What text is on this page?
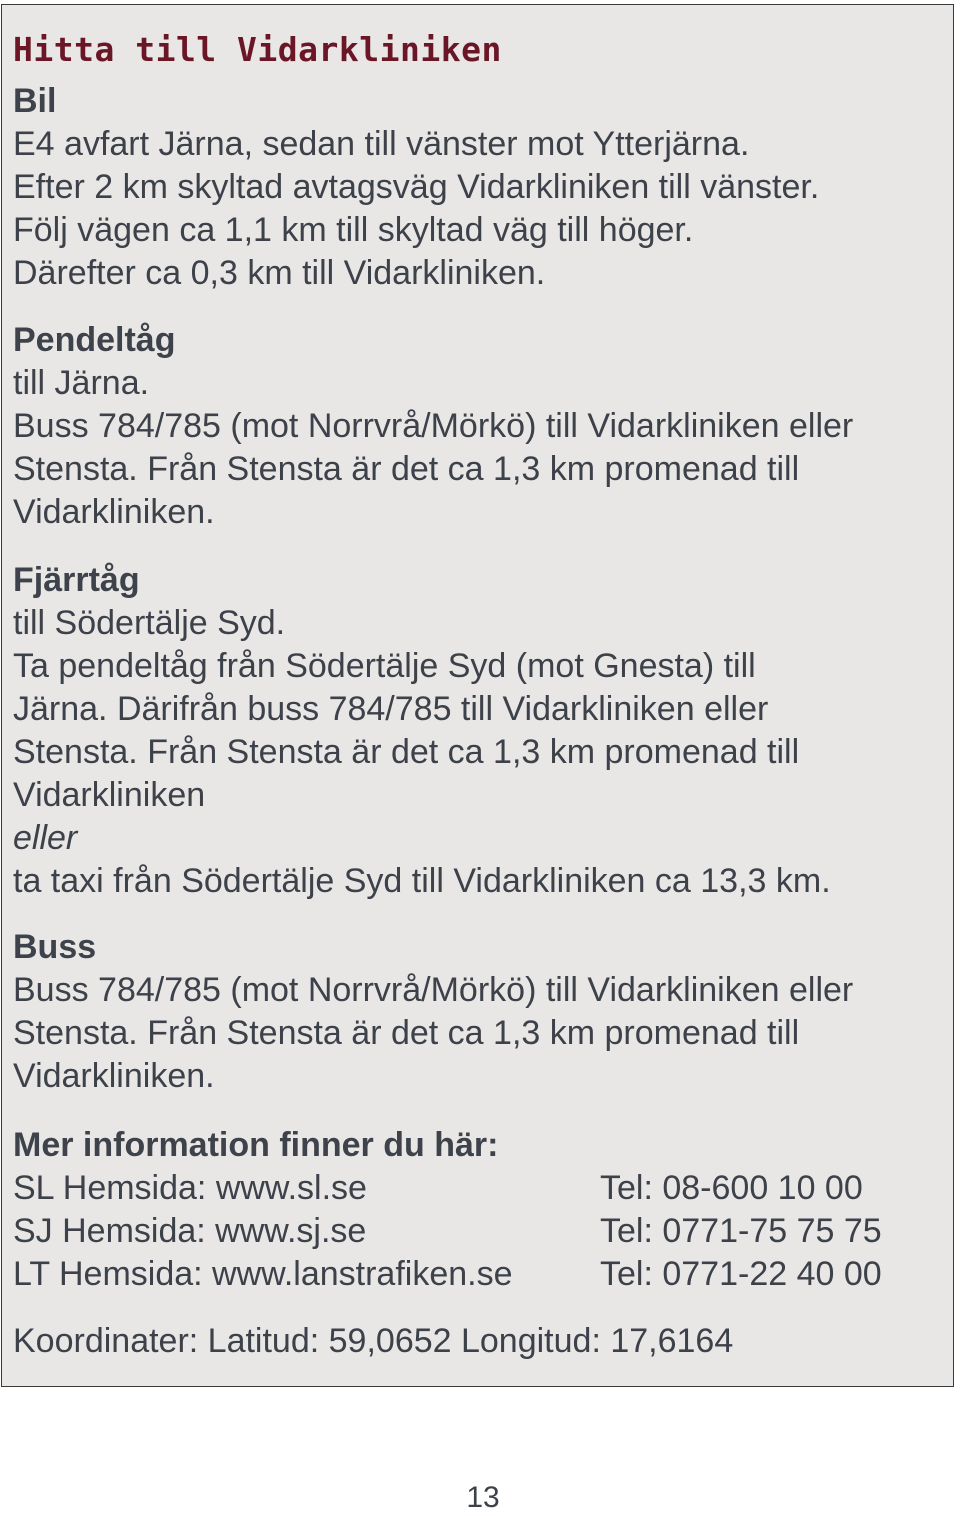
Hitta till Vidarkliniken
Bil

E4 avfart Järna, sedan till vänster mot Ytterjärna.

Efter 2 km skyltad avtagsväg Vidarkliniken till vänster.

Följ vägen ca 1,1 km till skyltad väg till höger.

Därefter ca 0,3 km till Vidarkliniken.

Pendeltåg

till Järna.

Buss 784/785 (mot Norrvrå/Mörkö) till Vidarkliniken eller

Stensta. Från Stensta är det ca 1,3 km promenad till

Vidarkliniken.

Fjärrtåg

till Södertälje Syd.

Ta pendeltåg från Södertälje Syd (mot Gnesta) till

Järna. Därifrån buss 784/785 till Vidarkliniken eller

Stensta. Från Stensta är det ca 1,3 km promenad till

Vidarkliniken

eller

ta taxi från Södertälje Syd till Vidarkliniken ca 13,3 km.

Buss

Buss 784/785 (mot Norrvrå/Mörkö) till Vidarkliniken eller

Stensta. Från Stensta är det ca 1,3 km promenad till

Vidarkliniken.

Mer information finner du här:
SL Hemsida: www.sl.se	Tel: 08-600 10 00
SJ Hemsida: www.sj.se	Tel: 0771-75 75 75
LT Hemsida: www.lanstrafiken.se	Tel: 0771-22 40 00
Koordinater: Latitud: 59,0652 Longitud: 17,6164
13
